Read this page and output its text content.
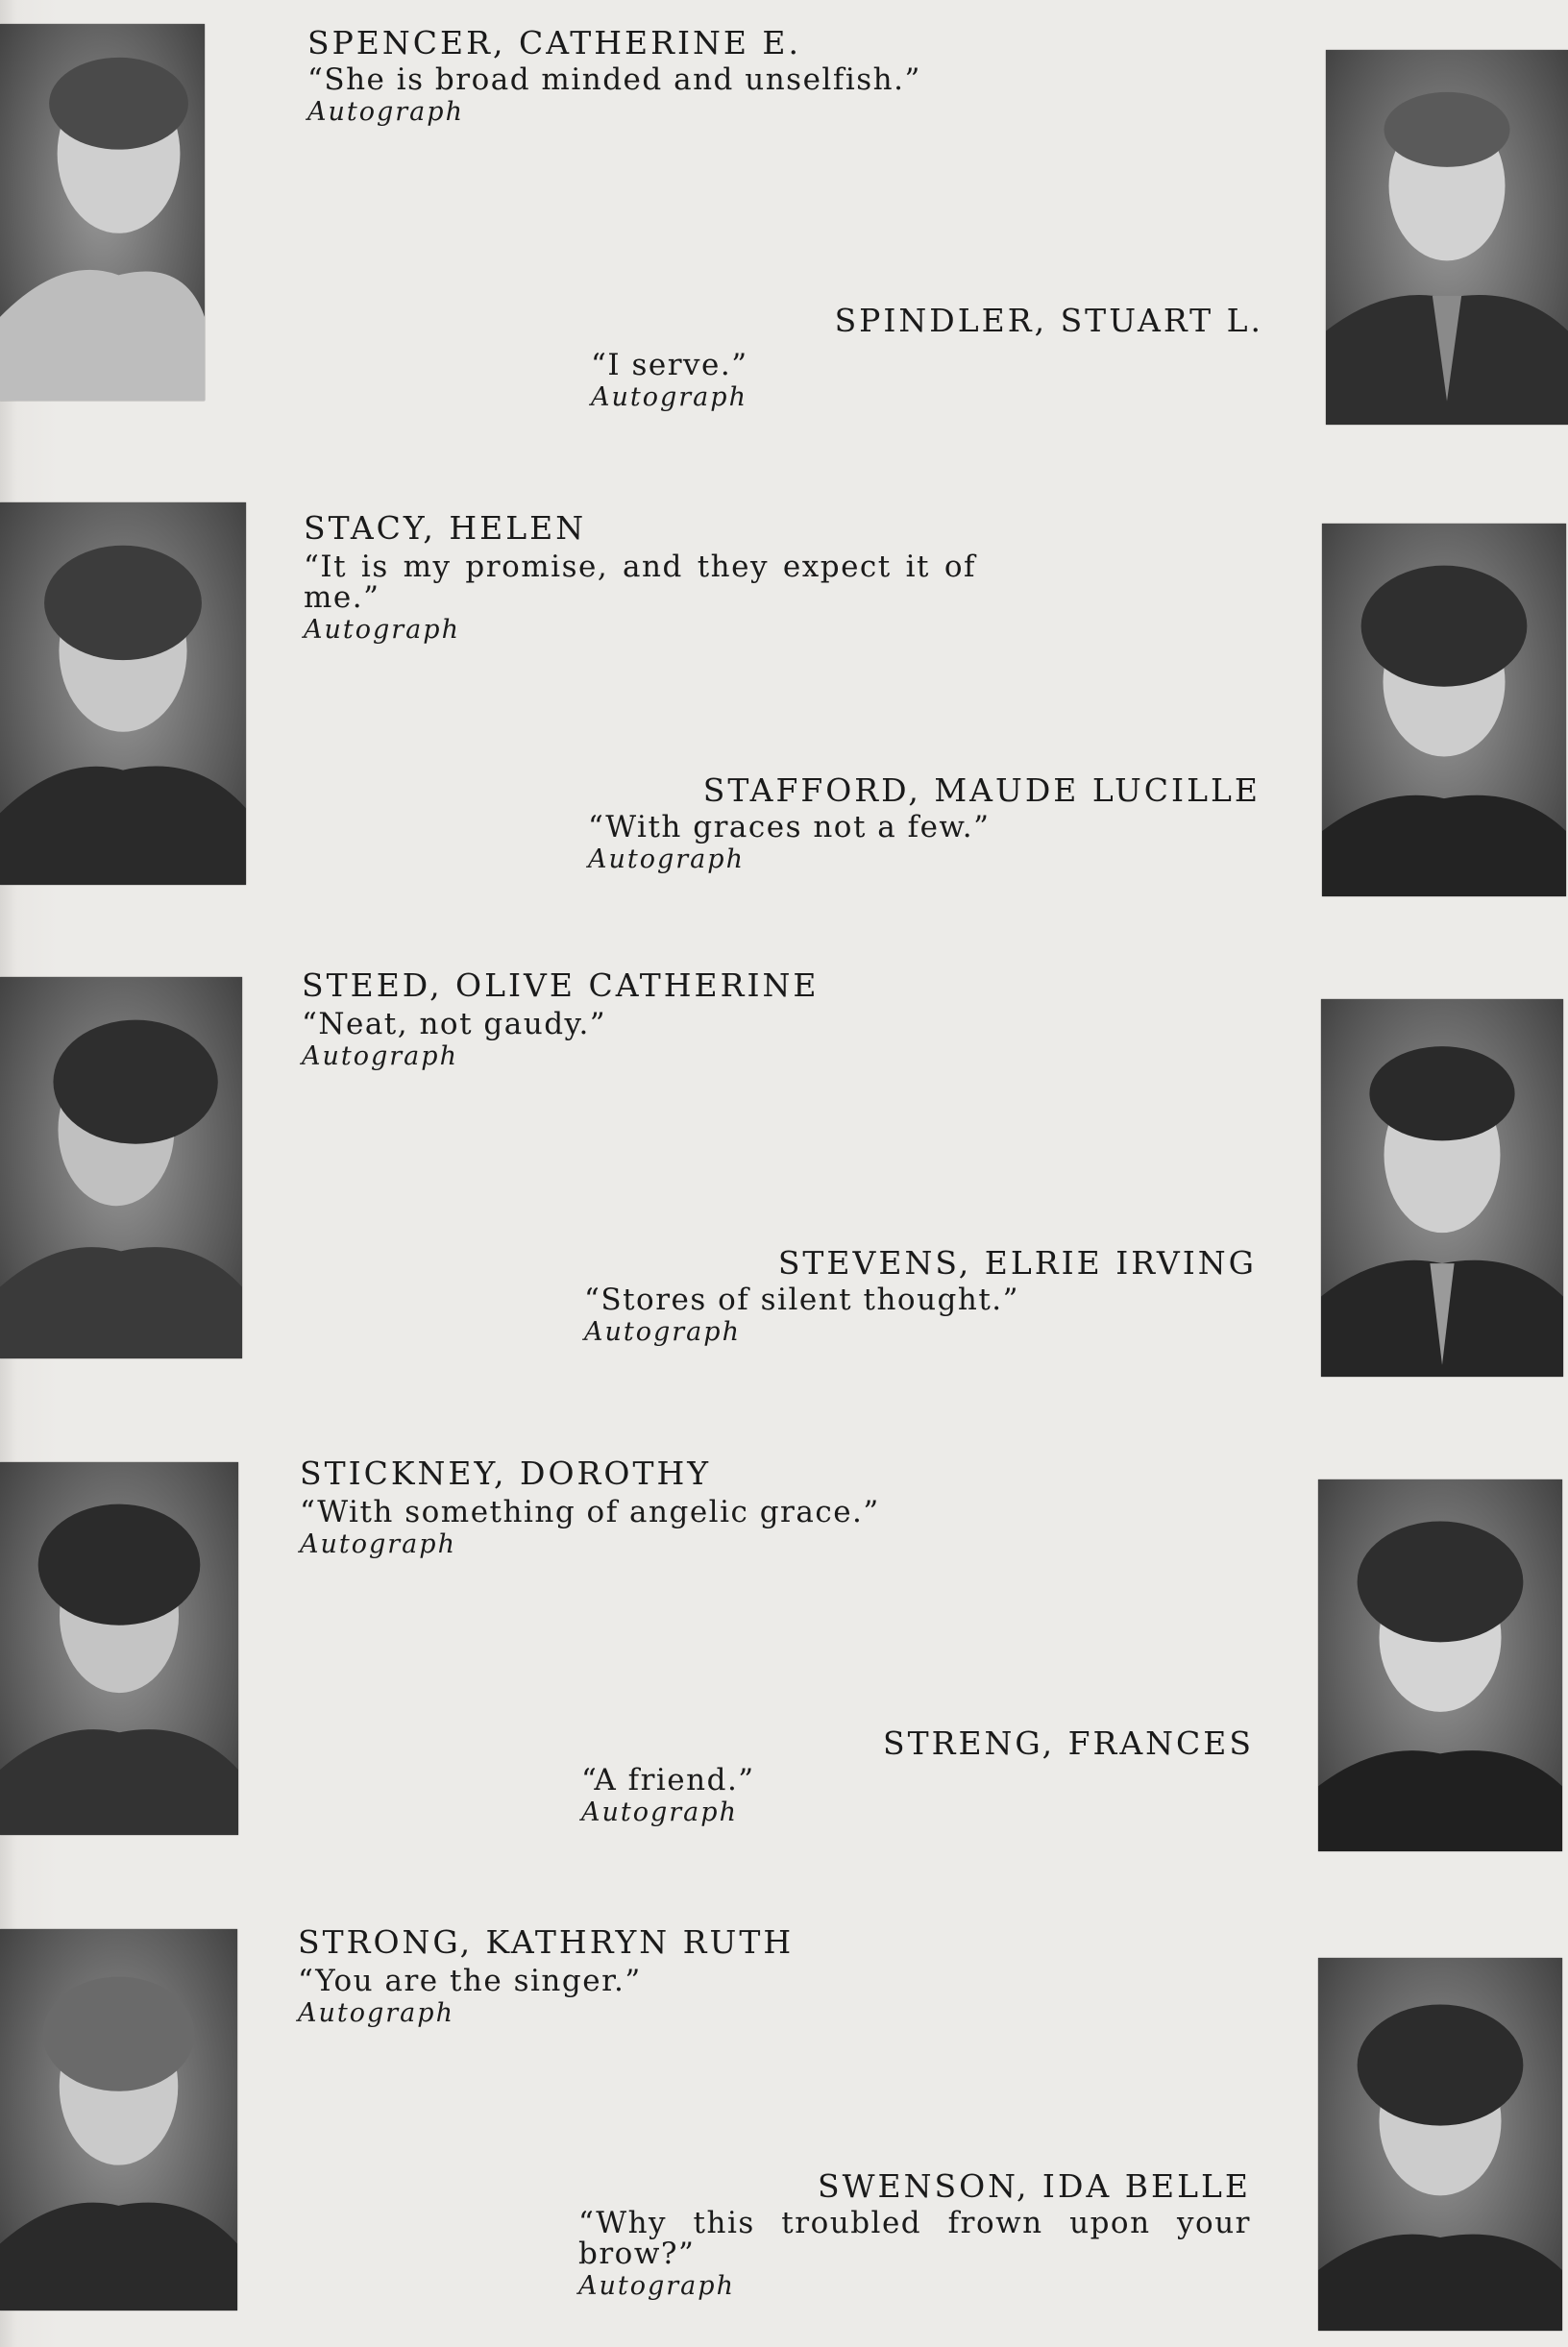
SPENCER, CATHERINE E.
“She is broad minded and unselfish.”
Autograph
SPINDLER, STUART L.
“I serve.”
Autograph
STACY, HELEN
“It is my promise, and they expect it of me.”
Autograph
STAFFORD, MAUDE LUCILLE
“With graces not a few.”
Autograph
STEED, OLIVE CATHERINE
“Neat, not gaudy.”
Autograph
STEVENS, ELRIE IRVING
“Stores of silent thought.”
Autograph
STICKNEY, DOROTHY
“With something of angelic grace.”
Autograph
STRENG, FRANCES
“A friend.”
Autograph
STRONG, KATHRYN RUTH
“You are the singer.”
Autograph
SWENSON, IDA BELLE
“Why this troubled frown upon your brow?”
Autograph
